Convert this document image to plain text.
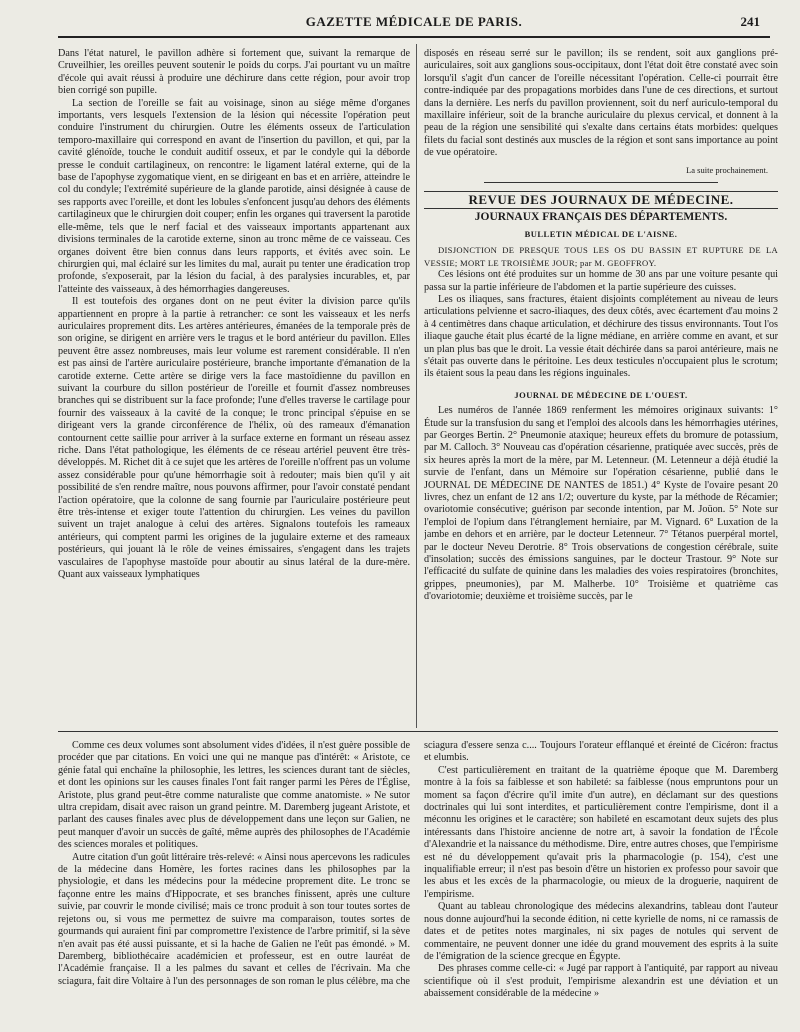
GAZETTE MÉDICALE DE PARIS.	241

Dans l'état naturel, le pavillon adhère si fortement que, suivant la remarque de Cruveilhier, les oreilles peuvent soutenir le poids du corps. J'ai pourtant vu un maître d'école qui avait réussi à produire une déchirure dans cette région, pour avoir trop bien corrigé son pupille.

La section de l'oreille se fait au voisinage, sinon au siége même d'organes importants, vers lesquels l'extension de la lésion qui nécessite l'opération peut conduire l'instrument du chirurgien. Outre les éléments osseux de l'articulation temporo-maxillaire qui correspond en avant de l'insertion du pavillon, et qui, par la cavité glénoïde, touche le conduit auditif osseux, et par le condyle qui la déborde presse le conduit cartilagineux, on rencontre: le ligament latéral externe, qui de la base de l'apophyse zygomatique vient, en se dirigeant en bas et en arrière, atteindre le col du condyle; l'extrémité supérieure de la glande parotide, ainsi désignée à cause de ses rapports avec l'oreille, et dont les lobules s'enfoncent jusqu'au dehors des éléments cartilagineux que le chirurgien doit couper; enfin les organes qui traversent la parotide elle-même, tels que le nerf facial et des vaisseaux importants appartenant aux divisions terminales de la carotide externe, sinon au tronc même de ce vaisseau. Ces organes doivent être bien connus dans leurs rapports, et évités avec soin. Le chirurgien qui, mal éclairé sur les limites du mal, aurait pu tenter une éradication trop profonde, s'exposerait, par la lésion du facial, à des paralysies incurables, et, par l'atteinte des vaisseaux, à des hémorrhagies dangereuses.

Il est toutefois des organes dont on ne peut éviter la division parce qu'ils appartiennent en propre à la partie à retrancher: ce sont les vaisseaux et les nerfs auriculaires proprement dits. Les artères antérieures, émanées de la temporale près de son origine, se dirigent en arrière vers le tragus et le bord antérieur du pavillon. Elles peuvent être assez nombreuses, mais leur volume est rarement considérable. Il n'en est pas ainsi de l'artère auriculaire postérieure, branche importante d'émanation de la carotide externe. Cette artère se dirige vers la face mastoïdienne du pavillon en suivant la courbure du sillon postérieur de l'oreille et fournit d'assez nombreuses branches qui se distribuent sur la face profonde; l'une d'elles traverse le cartilage pour fournir des vaisseaux à la cavité de la conque; le tronc principal s'épuise en se dirigeant vers la grande circonférence de l'hélix, où des rameaux d'émanation contournent cette saillie pour arriver à la surface externe en formant un réseau assez riche. Dans l'état pathologique, les éléments de ce réseau artériel peuvent être très-développés. M. Richet dit à ce sujet que les artères de l'oreille n'offrent pas un volume assez considérable pour qu'une hémorrhagie soit à redouter; mais bien qu'il y ait possibilité de s'en rendre maître, nous pouvons affirmer, pour l'avoir constaté pendant l'action opératoire, que la colonne de sang fournie par l'auriculaire postérieure peut être très-intense et exiger toute l'attention du chirurgien. Les veines du pavillon suivent un trajet analogue à celui des artères. Signalons toutefois les rameaux antérieurs, qui comptent parmi les origines de la jugulaire externe et des rameaux postérieurs, qui jouant là le rôle de veines émissaires, s'engagent dans les trajets vasculaires de l'apophyse mastoïde pour aboutir au sinus latéral de la dure-mère. Quant aux vaisseaux lymphatiques

disposés en réseau serré sur le pavillon; ils se rendent, soit aux ganglions pré-auriculaires, soit aux ganglions sous-occipitaux, dont l'état doit être constaté avec soin lorsqu'il s'agit d'un cancer de l'oreille nécessitant l'opération. Celle-ci pourrait être contre-indiquée par des propagations morbides dans l'une de ces directions, et surtout dans la dernière. Les nerfs du pavillon proviennent, soit du nerf auriculo-temporal du maxillaire inférieur, soit de la branche auriculaire du plexus cervical, et donnent à la peau de la région une sensibilité qui s'exalte dans certains états morbides: quelques filets du facial sont destinés aux muscles de la région et sont sans importance au point de vue opératoire.

La suite prochainement.
REVUE DES JOURNAUX DE MÉDECINE.
JOURNAUX FRANÇAIS DES DÉPARTEMENTS.
BULLETIN MÉDICAL DE L'AISNE.

DISJONCTION DE PRESQUE TOUS LES OS DU BASSIN ET RUPTURE DE LA VESSIE; MORT LE TROISIÈME JOUR; par M. GEOFFROY.

Ces lésions ont été produites sur un homme de 30 ans par une voiture pesante qui passa sur la partie inférieure de l'abdomen et la partie supérieure des cuisses.

Les os iliaques, sans fractures, étaient disjoints complétement au niveau de leurs articulations pelvienne et sacro-iliaques, des deux côtés, avec écartement d'au moins 2 à 4 centimètres dans chaque articulation, et déchirure des tissus environnants. Tout l'os iliaque gauche était plus écarté de la ligne médiane, en arrière comme en avant, et sur un plan plus bas que le droit. La vessie était déchirée dans sa paroi antérieure, mais ne s'était pas ouverte dans le péritoine. Les deux testicules n'occupaient plus le scrotum; ils étaient sous la peau dans les régions inguinales.

JOURNAL DE MÉDECINE DE L'OUEST.

Les numéros de l'année 1869 renferment les mémoires originaux suivants: 1° Étude sur la transfusion du sang et l'emploi des alcools dans les hémorrhagies utérines, par Georges Bertin. 2° Pneumonie ataxique; heureux effets du bromure de potassium, par M. Calloch. 3° Nouveau cas d'opération césarienne, pratiquée avec succès, près de six heures après la mort de la mère, par M. Letenneur. (M. Letenneur a déjà étudié la survie de l'enfant, dans un Mémoire sur l'opération césarienne, publié dans le JOURNAL DE MÉDECINE DE NANTES de 1851.) 4° Kyste de l'ovaire pesant 20 livres, chez un enfant de 12 ans 1/2; ouverture du kyste, par la méthode de Récamier; ovariotomie consécutive; guérison par seconde intention, par M. Joüon. 5° Note sur l'emploi de l'opium dans l'étranglement herniaire, par M. Vignard. 6° Luxation de la jambe en dehors et en arrière, par le docteur Letenneur. 7° Tétanos puerpéral mortel, par le docteur Neveu Derotrie. 8° Trois observations de congestion cérébrale, suite d'insolation; succès des émissions sanguines, par le docteur Trastour. 9° Note sur l'efficacité du sulfate de quinine dans les maladies des voies respiratoires (bronchites, grippes, pneumonies), par M. Malherbe. 10° Troisième et quatrième cas d'ovariotomie; deuxième et troisième succès, par le

Comme ces deux volumes sont absolument vides d'idées, il n'est guère possible de procéder que par citations. En voici une qui ne manque pas d'intérêt: « Aristote, ce génie fatal qui enchaîne la philosophie, les lettres, les sciences durant tant de siècles, et dont les opinions sur les causes finales l'ont fait ranger parmi les Pères de l'Église, Aristote, plus grand peut-être comme naturaliste que comme anatomiste. » Ne sutor ultra crepidam, disait avec raison un grand peintre. M. Daremberg jugeant Aristote, et parlant des causes finales avec plus de développement dans une leçon sur Galien, ne peut manquer d'avoir un succès de gaîté, même auprès des philosophes de l'Académie des sciences morales et politiques.

Autre citation d'un goût littéraire très-relevé: « Ainsi nous apercevons les radicules de la médecine dans Homère, les fortes racines dans les philosophes par la physiologie, et dans les médecins pour la médecine proprement dite. Le tronc se façonne entre les mains d'Hippocrate, et ses branches finissent, après une culture suivie, par couvrir le monde civilisé; mais ce tronc produit à son tour toutes sortes de rejetons ou, si vous me permettez de suivre ma comparaison, toutes sortes de gourmands qui auraient fini par compromettre l'existence de l'arbre primitif, si la sève n'en avait pas été aussi puissante, et si la hache de Galien ne l'eût pas émondé. » M. Daremberg, bibliothécaire académicien et professeur, est en outre lauréat de l'Académie française. Il a les palmes du savant et celles de l'écrivain. Ma che sciagura, fait dire Voltaire à l'un des personnages de son roman le plus célèbre, ma che

sciagura d'essere senza c.... Toujours l'orateur efflanqué et éreinté de Cicéron: fractus et elumbis.

C'est particulièrement en traitant de la quatrième époque que M. Daremberg montre à la fois sa faiblesse et son habileté: sa faiblesse (nous empruntons pour un moment sa façon d'écrire qu'il imite d'un autre), en déclamant sur des questions doctrinales qui lui sont interdites, et particulièrement contre l'empirisme, dont il a méconnu les origines et le caractère; son habileté en escamotant deux sujets des plus intéressants dans l'histoire ancienne de notre art, à savoir la fondation de l'École d'Alexandrie et la naissance du méthodisme. Dire, entre autres choses, que l'empirisme est né du développement qu'avait pris la pharmacologie (p. 154), c'est une inqualifiable erreur; il n'est pas besoin d'être un historien ex professo pour savoir que les abus et les excès de la pharmacologie, ou mieux de la droguerie, naquirent de l'empirisme.

Quant au tableau chronologique des médecins alexandrins, tableau dont l'auteur nous donne aujourd'hui la seconde édition, ni cette kyrielle de noms, ni ce ramassis de dates et de petites notes marginales, ni six pages de notules qui servent de commentaire, ne peuvent donner une idée du grand mouvement des esprits à la suite de l'émigration de la science grecque en Égypte.

Des phrases comme celle-ci: « Jugé par rapport à l'antiquité, par rapport au niveau scientifique où il s'est produit, l'empirisme alexandrin est une déviation et un abaissement considérable de la médecine »
